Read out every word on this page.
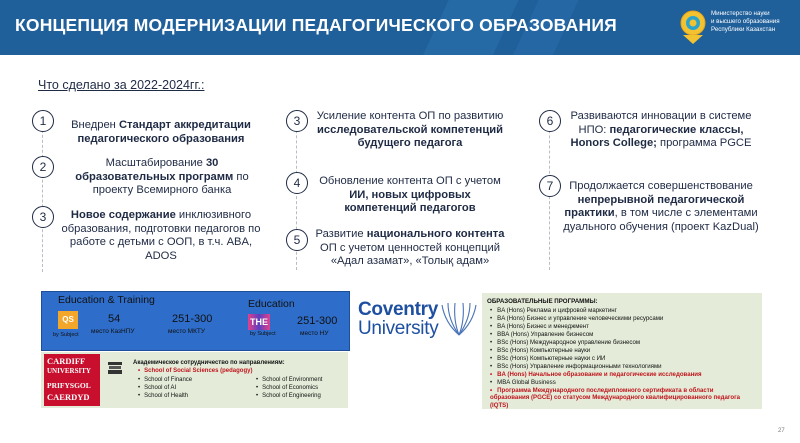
КОНЦЕПЦИЯ МОДЕРНИЗАЦИИ ПЕДАГОГИЧЕСКОГО ОБРАЗОВАНИЯ
Министерство науки
и высшего образования
Республики Казахстан
Что сделано за 2022-2024гг.:
1	Внедрен Стандарт аккредитации педагогического образования
2	Масштабирование 30 образовательных программ по проекту Всемирного банка
3	Новое содержание инклюзивного образования, подготовки педагогов по работе с детьми с ООП, в т.ч. ABA, ADOS
3	Усиление контента ОП по развитию исследовательской компетенций будущего педагога
4	Обновление контента ОП с учетом ИИ, новых цифровых компетенций педагогов
5	Развитие национального контента ОП с учетом ценностей концепций «Адал азамат», «Толық адам»
6	Развиваются инновации в системе НПО: педагогические классы, Honors College; программа PGCE
7	Продолжается совершенствование непрерывной педагогической практики, в том числе с элементами дуального обучения (проект KazDual)
Education & Training	Education
QS
by Subject
54
место КазНПУ
251-300
место МКТУ
THE
by Subject
251-300
место НУ
CARDIFF
UNIVERSITY
PRIFYSGOL
CAERDYD
Академическое сотрудничество по направлениям:
• School of Social Sciences (pedagogy)
• School of Finance
• School of AI
• School of Health
• School of Environment
• School of Economics
• School of Engineering
Coventry
University
ОБРАЗОВАТЕЛЬНЫЕ ПРОГРАММЫ:
• BA (Hons) Реклама и цифровой маркетинг
• BA (Hons) Бизнес и управление человеческими ресурсами
• BA (Hons) Бизнес и менеджмент
• BBA (Hons) Управление бизнесом
• BSc (Hons) Международное управление бизнесом
• BSc (Hons) Компьютерные науки
• BSc (Hons) Компьютерные науки с ИИ
• BSc (Hons) Управление информационными технологиями
• BA (Hons) Начальное образование и педагогические исследования
• MBA Global Business
• Программа Международного последипломного сертификата в области образования (PGCE) со статусом Международного квалифицированного педагога (IQTS)
27
